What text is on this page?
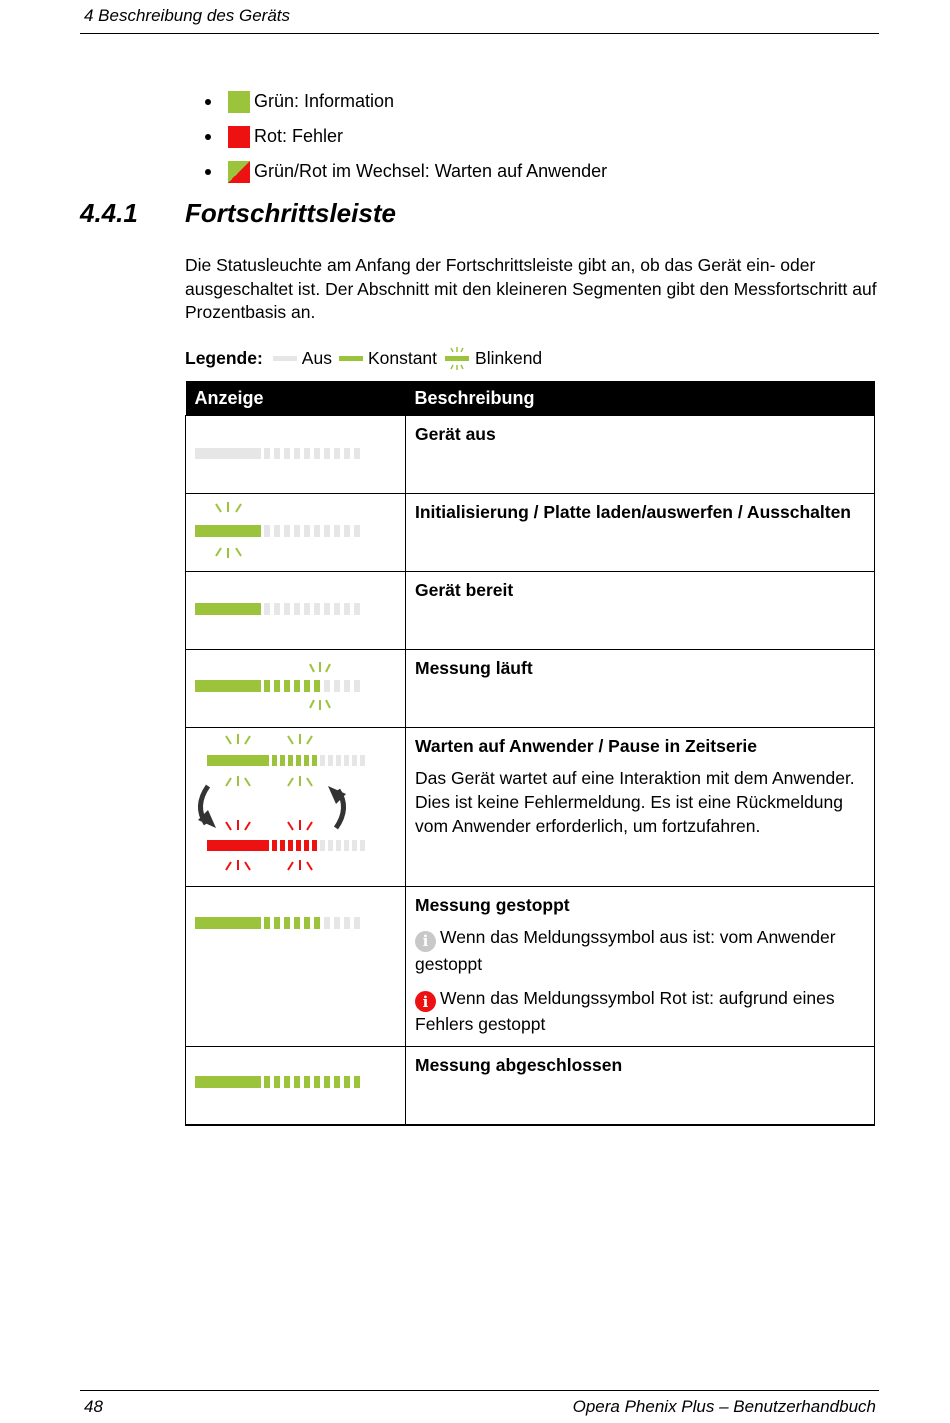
4 Beschreibung des Geräts
Grün: Information
Rot: Fehler
Grün/Rot im Wechsel: Warten auf Anwender
4.4.1 Fortschrittsleiste
Die Statusleuchte am Anfang der Fortschrittsleiste gibt an, ob das Gerät ein- oder ausgeschaltet ist. Der Abschnitt mit den kleineren Segmenten gibt den Messfortschritt auf Prozentbasis an.
Legende: Aus Konstant Blinkend
Anzeige	Beschreibung

Gerät aus

Initialisierung / Platte laden/auswerfen / Ausschalten

Gerät bereit

Messung läuft

Warten auf Anwender / Pause in Zeitserie

Das Gerät wartet auf eine Interaktion mit dem Anwender. Dies ist keine Fehlermeldung. Es ist eine Rückmeldung vom Anwender erforderlich, um fortzufahren.

Messung gestoppt

i Wenn das Meldungssymbol aus ist: vom Anwender gestoppt

i Wenn das Meldungssymbol Rot ist: aufgrund eines Fehlers gestoppt

Messung abgeschlossen
48	Opera Phenix Plus – Benutzerhandbuch
